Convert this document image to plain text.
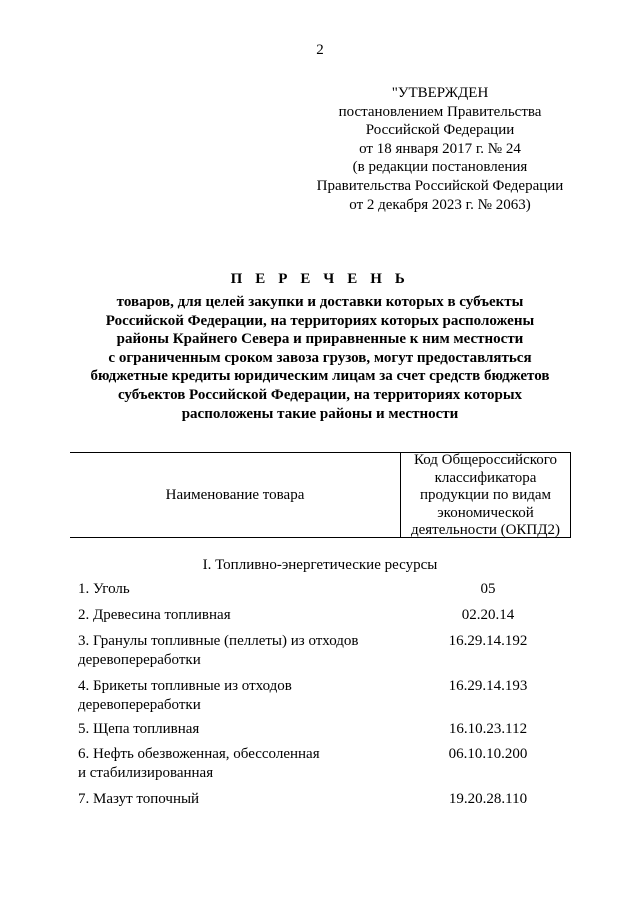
2
"УТВЕРЖДЕН
постановлением Правительства
Российской Федерации
от 18 января 2017 г. № 24
(в редакции постановления
Правительства Российской Федерации
от 2 декабря 2023 г. № 2063)
П Е Р Е Ч Е Н Ь
товаров, для целей закупки и доставки которых в субъекты
Российской Федерации, на территориях которых расположены
районы Крайнего Севера и приравненные к ним местности
с ограниченным сроком завоза грузов, могут предоставляться
бюджетные кредиты юридическим лицам за счет средств бюджетов
субъектов Российской Федерации, на территориях которых
расположены такие районы и местности
Наименование товара
Код Общероссийского
классификатора
продукции по видам
экономической
деятельности (ОКПД2)
I. Топливно-энергетические ресурсы
1. Уголь	05
2. Древесина топливная	02.20.14
3. Гранулы топливные (пеллеты) из отходов
деревопереработки
16.29.14.192
4. Брикеты топливные из отходов
деревопереработки
16.29.14.193
5. Щепа топливная	16.10.23.112
6. Нефть обезвоженная, обессоленная
и стабилизированная
06.10.10.200
7. Мазут топочный	19.20.28.110
